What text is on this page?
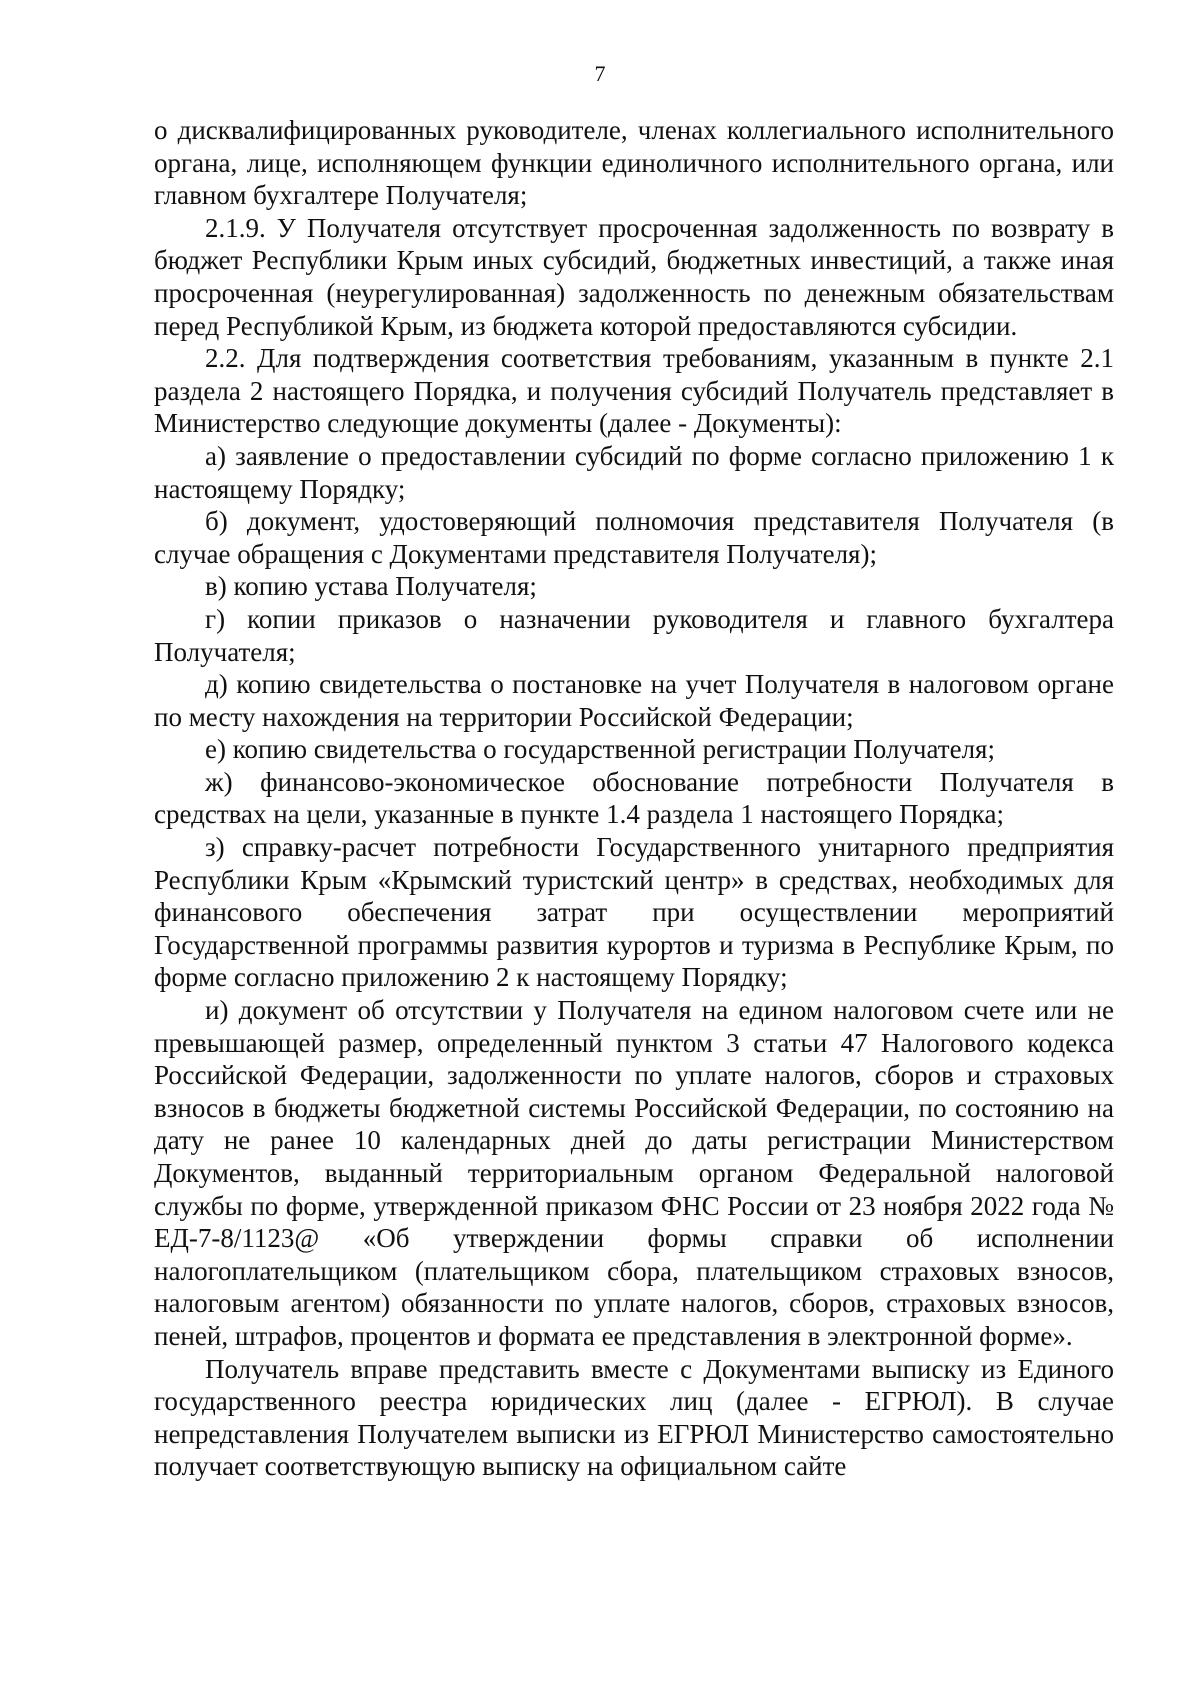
7

о дисквалифицированных руководителе, членах коллегиального исполнительного органа, лице, исполняющем функции единоличного исполнительного органа, или главном бухгалтере Получателя;

2.1.9. У Получателя отсутствует просроченная задолженность по возврату в бюджет Республики Крым иных субсидий, бюджетных инвестиций, а также иная просроченная (неурегулированная) задолженность по денежным обязательствам перед Республикой Крым, из бюджета которой предоставляются субсидии.

2.2. Для подтверждения соответствия требованиям, указанным в пункте 2.1 раздела 2 настоящего Порядка, и получения субсидий Получатель представляет в Министерство следующие документы (далее - Документы):

а) заявление о предоставлении субсидий по форме согласно приложению 1 к настоящему Порядку;

б) документ, удостоверяющий полномочия представителя Получателя (в случае обращения с Документами представителя Получателя);

в) копию устава Получателя;

г) копии приказов о назначении руководителя и главного бухгалтера Получателя;

д) копию свидетельства о постановке на учет Получателя в налоговом органе по месту нахождения на территории Российской Федерации;

е) копию свидетельства о государственной регистрации Получателя;

ж) финансово-экономическое обоснование потребности Получателя в средствах на цели, указанные в пункте 1.4 раздела 1 настоящего Порядка;

з) справку-расчет потребности Государственного унитарного предприятия Республики Крым «Крымский туристский центр» в средствах, необходимых для финансового обеспечения затрат при осуществлении мероприятий Государственной программы развития курортов и туризма в Республике Крым, по форме согласно приложению 2 к настоящему Порядку;

и) документ об отсутствии у Получателя на едином налоговом счете или не превышающей размер, определенный пунктом 3 статьи 47 Налогового кодекса Российской Федерации, задолженности по уплате налогов, сборов и страховых взносов в бюджеты бюджетной системы Российской Федерации, по состоянию на дату не ранее 10 календарных дней до даты регистрации Министерством Документов, выданный территориальным органом Федеральной налоговой службы по форме, утвержденной приказом ФНС России от 23 ноября 2022 года № ЕД-7-8/1123@ «Об утверждении формы справки об исполнении налогоплательщиком (плательщиком сбора, плательщиком страховых взносов, налоговым агентом) обязанности по уплате налогов, сборов, страховых взносов, пеней, штрафов, процентов и формата ее представления в электронной форме».

Получатель вправе представить вместе с Документами выписку из Единого государственного реестра юридических лиц (далее - ЕГРЮЛ). В случае непредставления Получателем выписки из ЕГРЮЛ Министерство самостоятельно получает соответствующую выписку на официальном сайте
